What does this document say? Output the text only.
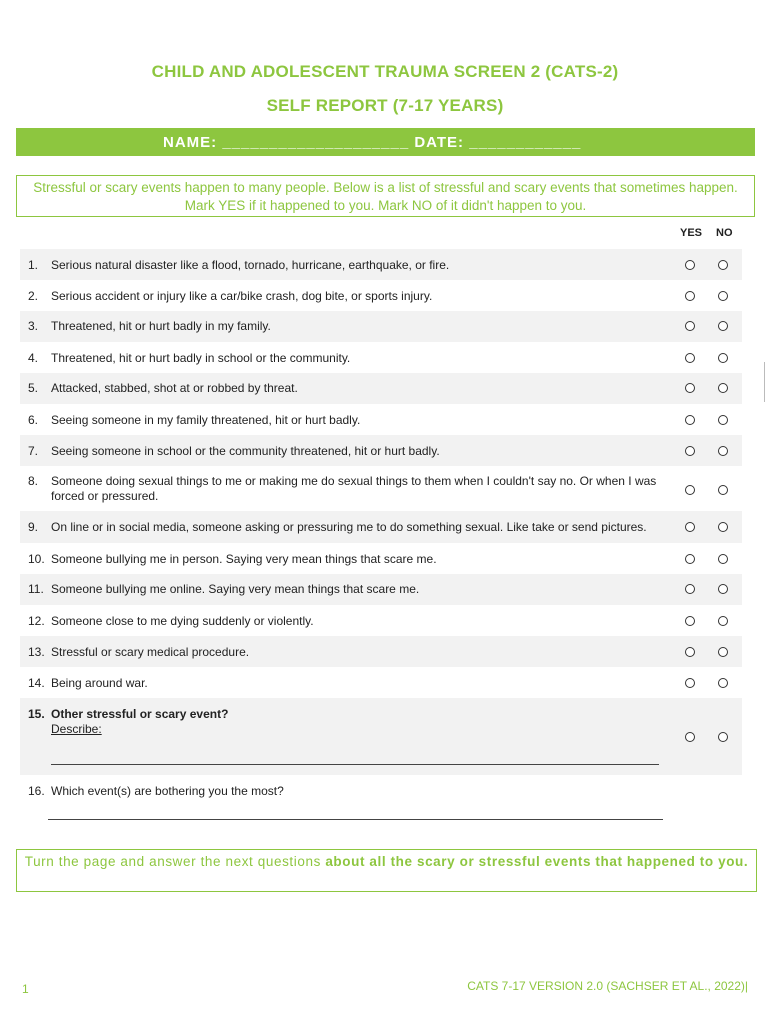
CHILD AND ADOLESCENT TRAUMA SCREEN 2 (CATS-2)
SELF REPORT (7-17 YEARS)
NAME: ____________________ DATE: ____________
Stressful or scary events happen to many people. Below is a list of stressful and scary events that sometimes happen. Mark YES if it happened to you. Mark NO of it didn't happen to you.
YES NO
1. Serious natural disaster like a flood, tornado, hurricane, earthquake, or fire.
2. Serious accident or injury like a car/bike crash, dog bite, or sports injury.
3. Threatened, hit or hurt badly in my family.
4. Threatened, hit or hurt badly in school or the community.
5. Attacked, stabbed, shot at or robbed by threat.
6. Seeing someone in my family threatened, hit or hurt badly.
7. Seeing someone in school or the community threatened, hit or hurt badly.
8. Someone doing sexual things to me or making me do sexual things to them when I couldn't say no. Or when I was forced or pressured.
9. On line or in social media, someone asking or pressuring me to do something sexual. Like take or send pictures.
10. Someone bullying me in person. Saying very mean things that scare me.
11. Someone bullying me online. Saying very mean things that scare me.
12. Someone close to me dying suddenly or violently.
13. Stressful or scary medical procedure.
14. Being around war.
15. Other stressful or scary event?
Describe:
16. Which event(s) are bothering you the most?
Turn the page and answer the next questions about all the scary or stressful events that happened to you.
1	CATS 7-17 VERSION 2.0 (SACHSER ET AL., 2022)|
